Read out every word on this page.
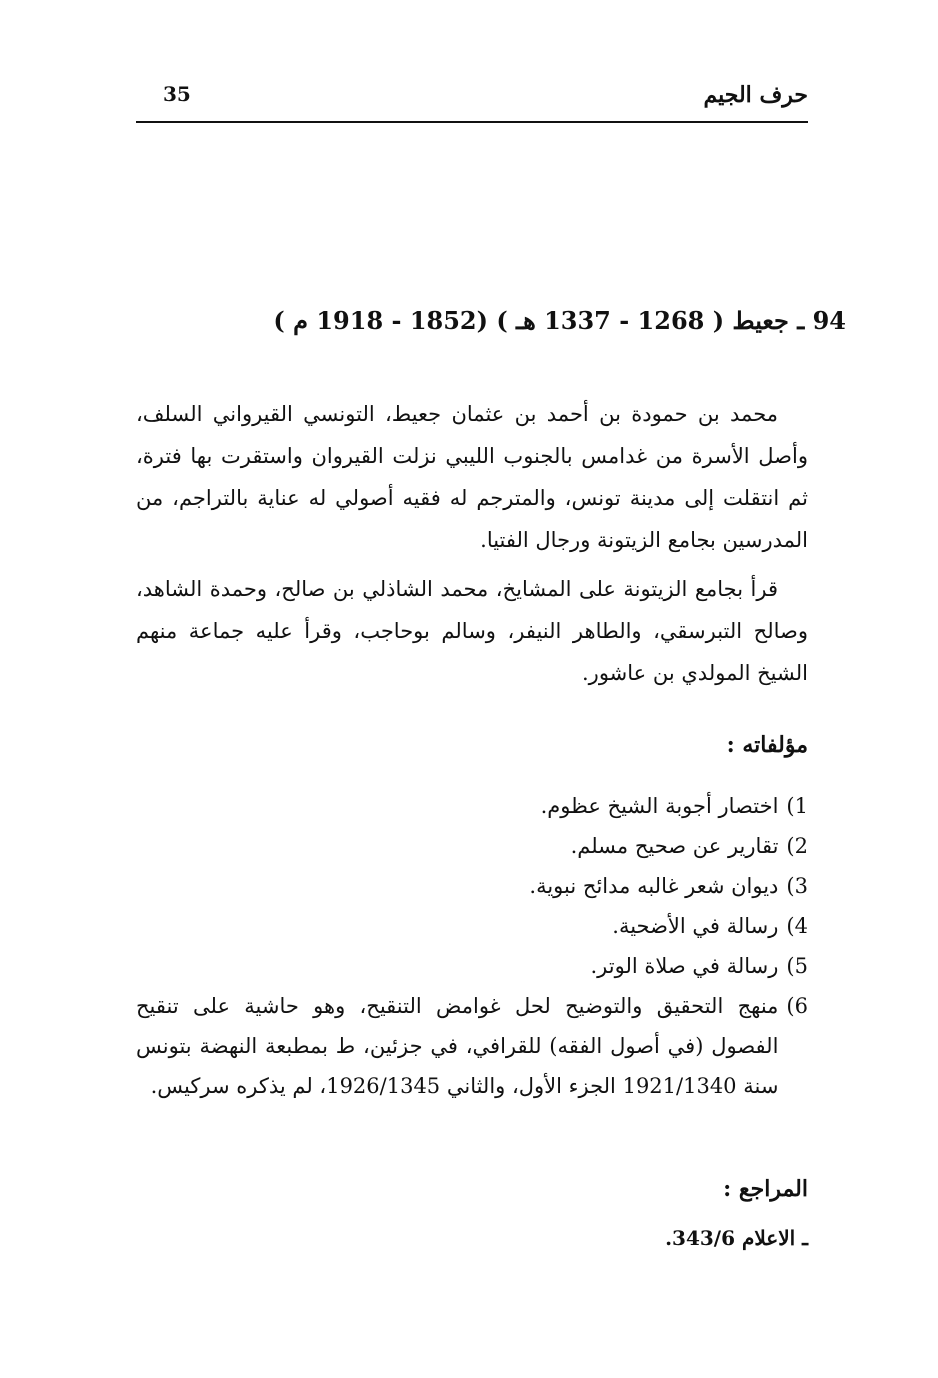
35	حرف الجيم
94 ـ جعيط ( 1268 - 1337 هـ ) (1852 - 1918 م )

محمد بن حمودة بن أحمد بن عثمان جعيط، التونسي القيرواني السلف، وأصل الأسرة من غدامس بالجنوب الليبي نزلت القيروان واستقرت بها فترة، ثم انتقلت إلى مدينة تونس، والمترجم له فقيه أصولي له عناية بالتراجم، من المدرسين بجامع الزيتونة ورجال الفتيا.

قرأ بجامع الزيتونة على المشايخ، محمد الشاذلي بن صالح، وحمدة الشاهد، وصالح التبرسقي، والطاهر النيفر، وسالم بوحاجب، وقرأ عليه جماعة منهم الشيخ المولدي بن عاشور.

مؤلفاته :
1)
اختصار أجوبة الشيخ عظوم.
2)
تقارير عن صحيح مسلم.
3)
ديوان شعر غالبه مدائح نبوية.
4)
رسالة في الأضحية.
5)
رسالة في صلاة الوتر.
6)
منهج التحقيق والتوضيح لحل غوامض التنقيح، وهو حاشية على تنقيح الفصول (في أصول الفقه) للقرافي، في جزئين، ط بمطبعة النهضة بتونس سنة 1921/1340 الجزء الأول، والثاني 1926/1345، لم يذكره سركيس.
المراجع :
ـ الاعلام 343/6.
